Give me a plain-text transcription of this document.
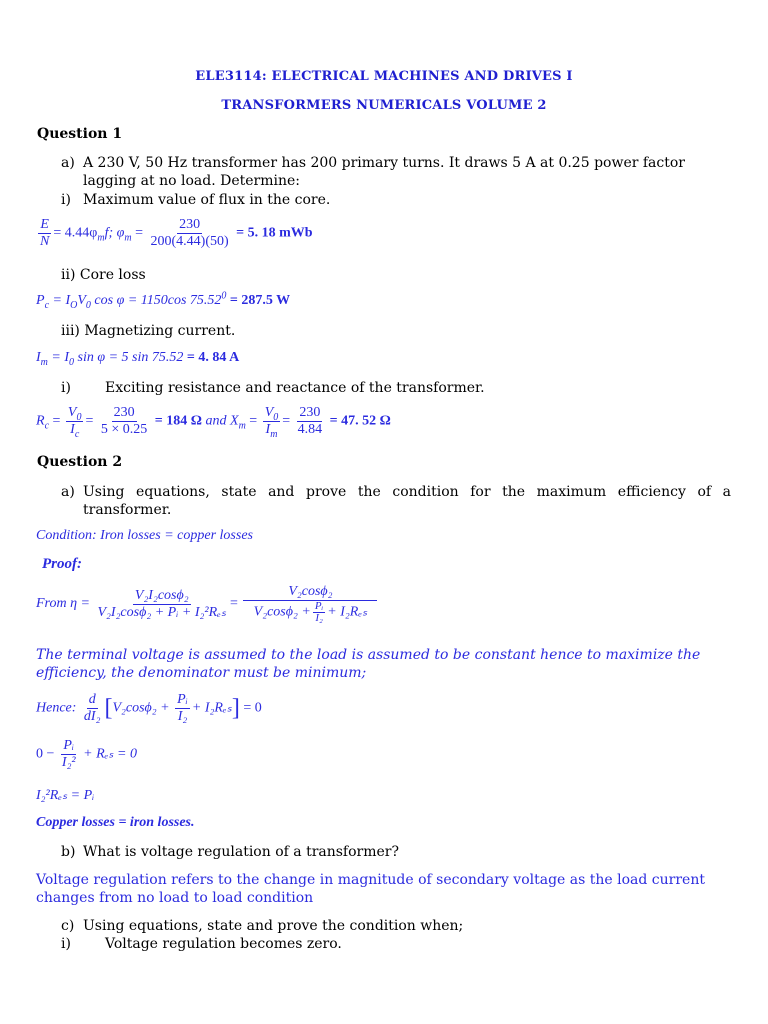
ELE3114: ELECTRICAL MACHINES AND DRIVES I
TRANSFORMERS NUMERICALS VOLUME 2
Question 1
a) A 230 V, 50 Hz transformer has 200 primary turns. It draws 5 A at 0.25 power factor
lagging at no load. Determine:
i) Maximum value of flux in the core.
$\frac{E}{N} = 4.44\varphi_mf$; $\varphi_m = \frac{230}{200(4.44)(50)} = 5$. 18 mWb
ii) Core loss
$P_c = I_OV_0$ cos φ = 1150cos $75.52^0 = 287.5$ W
iii) Magnetizing current.
$I_m = I_0$ sin φ = 5 sin 75.52 = 4. 84 A
i) Exciting resistance and reactance of the transformer.
$R_c = \frac{V_0}{I_c} = \frac{230}{5 \times 0.25} = 184$ Ω and $X_m = \frac{V_0}{I_m} = \frac{230}{4.84} = 47$. 52 Ω
Question 2
a) Using equations, state and prove the condition for the maximum efficiency of a
transformer.
Condition: Iron losses = copper losses
Proof:
From $\eta = \frac{\text{V₂I₂cosϕ₂}}{\text{V₂I₂cosϕ₂ + Pᵢ + I₂²Rₑₛ}} = \frac{\text{V₂cosϕ₂}}{V_2\cos\phi_2 + \frac{\text{Pᵢ}}{\text{I₂}} + I_2R_{es}}$
The terminal voltage is assumed to the load is assumed to be constant hence to maximize the
efficiency, the denominator must be minimum;
Hence: $\frac{d}{\text{dI₂}} [V_2\cos\phi_2 + \frac{\text{Pᵢ}}{\text{I₂}} + I_2R_{es}] = 0$
$0 - \frac{\text{Pᵢ}}{\text{I₂²}} + R_{es} = 0$
I₂²Rₑₛ = Pᵢ
Copper losses = iron losses.
b) What is voltage regulation of a transformer?
Voltage regulation refers to the change in magnitude of secondary voltage as the load current
changes from no load to load condition
c) Using equations, state and prove the condition when;
i) Voltage regulation becomes zero.
